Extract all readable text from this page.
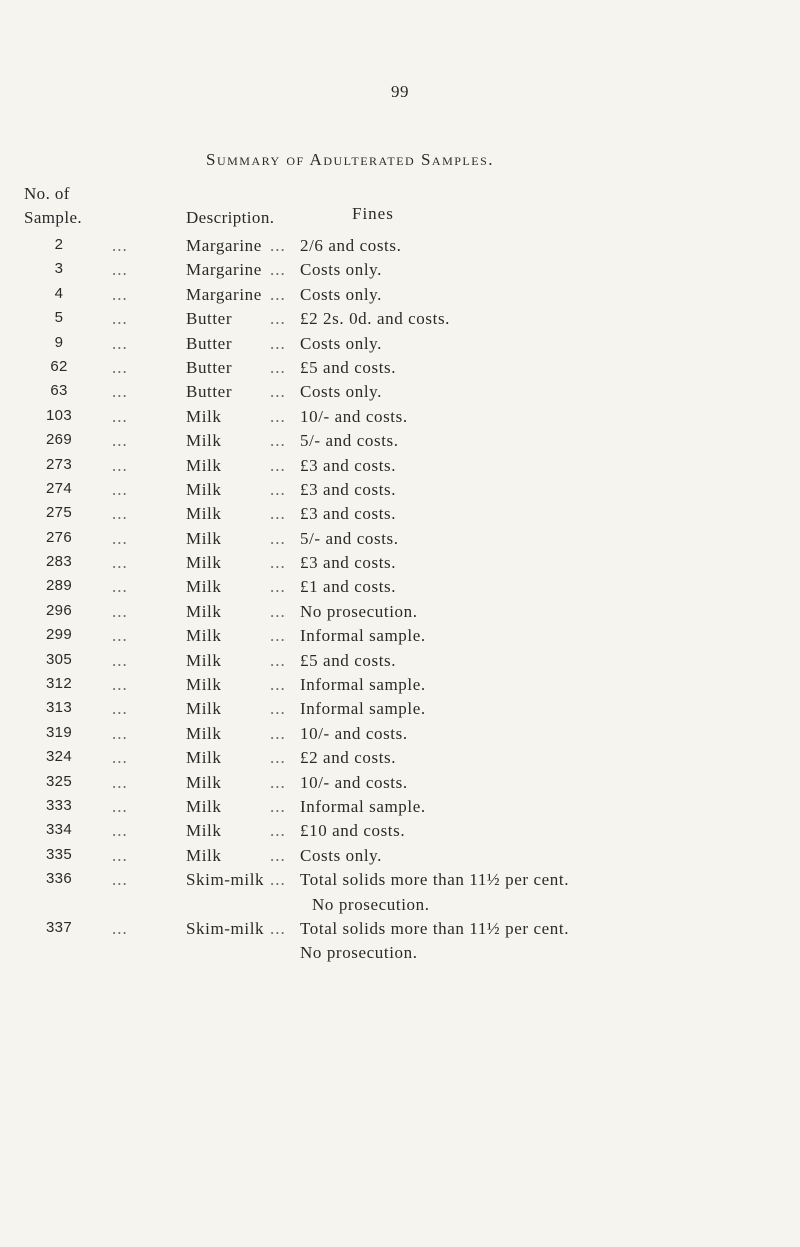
99
Summary of Adulterated Samples.
No. of
Sample.	Description.	Fines
2	...	Margarine ... 2/6 and costs.
3	...	Margarine ... Costs only.
4	...	Margarine ... Costs only.
5	...	Butter ... £2 2s. 0d. and costs.
9	...	Butter ... Costs only.
62	...	Butter ... £5 and costs.
63	...	Butter ... Costs only.
103	...	Milk	... 10/- and costs.
269	...	Milk	... 5/- and costs.
273	...	Milk	... £3 and costs.
274	...	Milk	... £3 and costs.
275	...	Milk	... £3 and costs.
276	...	Milk	... 5/- and costs.
283	...	Milk	... £3 and costs.
289	...	Milk	... £1 and costs.
296	...	Milk	... No prosecution.
299	...	Milk	... Informal sample.
305	...	Milk	... £5 and costs.
312	...	Milk	... Informal sample.
313	...	Milk	... Informal sample.
319	...	Milk	... 10/- and costs.
324	...	Milk	... £2 and costs.
325	...	Milk	... 10/- and costs.
333	...	Milk	... Informal sample.
334	...	Milk	... £10 and costs.
335	...	Milk	... Costs only.
336	...	Skim-milk ... Total solids more than 11½ per cent.
No prosecution.
337	...	Skim-milk ... Total solids more than 11½ per cent.
No prosecution.
